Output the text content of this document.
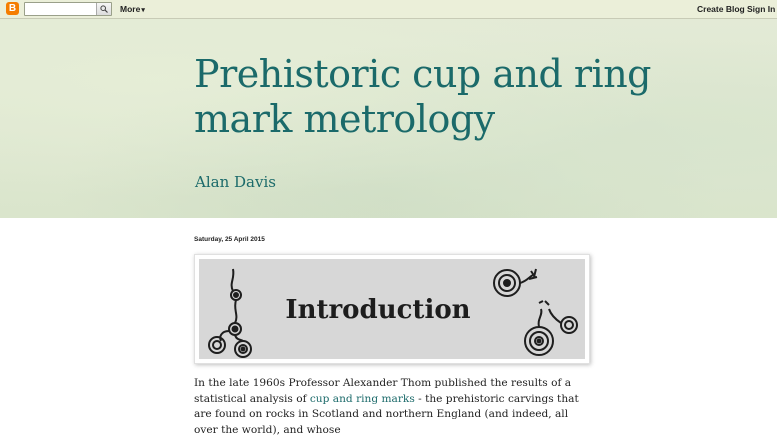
B	More▾	Create Blog Sign In
Prehistoric cup and ring mark metrology
Alan Davis
Saturday, 25 April 2015
Introduction
In the late 1960s Professor Alexander Thom published the results of a statistical analysis of cup and ring marks - the prehistoric carvings that are found on rocks in Scotland and northern England (and indeed, all over the world), and whose
